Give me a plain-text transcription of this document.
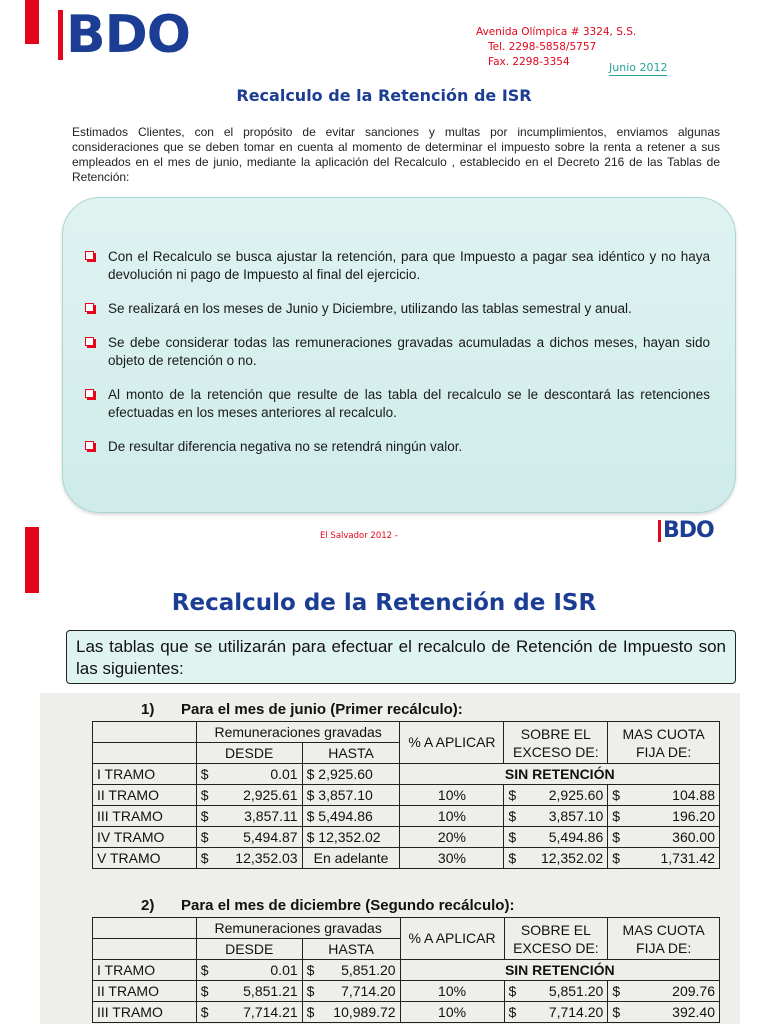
BDO	Avenida Olímpica # 3324, S.S.
Tel. 2298-5858/5757
Fax. 2298-3354	Junio 2012
Recalculo de la Retención de ISR

Estimados Clientes, con el propósito de evitar sanciones y multas por incumplimientos, enviamos algunas consideraciones que se deben tomar en cuenta al momento de determinar el impuesto sobre la renta a retener a sus empleados en el mes de junio, mediante la aplicación del Recalculo , establecido en el Decreto 216 de las Tablas de Retención:

Con el Recalculo se busca ajustar la retención, para que Impuesto a pagar sea idéntico y no haya devolución ni pago de Impuesto al final del ejercicio.
Se realizará en los meses de Junio y Diciembre, utilizando las tablas semestral y anual.
Se debe considerar todas las remuneraciones gravadas acumuladas a dichos meses, hayan sido objeto de retención o no.
Al monto de la retención que resulte de las tabla del recalculo se le descontará las retenciones efectuadas en los meses anteriores al recalculo.
De resultar diferencia negativa no se retendrá ningún valor.
El Salvador 2012 -	BDO
Recalculo de la Retención de ISR
Las tablas que se utilizarán para efectuar el recalculo de Retención de Impuesto son las siguientes:
1) Para el mes de junio (Primer recálculo):
	Remuneraciones gravadas		% A APLICAR	SOBRE EL EXCESO DE:	MAS CUOTA FIJA DE:
	DESDE	HASTA			
I TRAMO	$ 0.01	$ 2,925.60	SIN RETENCIÓN		
II TRAMO	$ 2,925.61	$ 3,857.10	10%	$ 2,925.60	$ 104.88

III TRAMO	$ 3,857.11	$ 5,494.86	10%	$ 3,857.10	$ 196.20

IV TRAMO	$ 5,494.87	$ 12,352.02	20%	$ 5,494.86	$ 360.00

V TRAMO	$ 12,352.03	En adelante	30%	$ 12,352.02	$ 1,731.42
2) Para el mes de diciembre (Segundo recálculo):
	Remuneraciones gravadas		% A APLICAR	SOBRE EL EXCESO DE:	MAS CUOTA FIJA DE:
	DESDE	HASTA			
I TRAMO	$ 0.01	$ 5,851.20	SIN RETENCIÓN		
II TRAMO	$ 5,851.21	$ 7,714.20	10%	$ 5,851.20	$ 209.76

III TRAMO	$ 7,714.21	$ 10,989.72	10%	$ 7,714.20	$ 392.40
